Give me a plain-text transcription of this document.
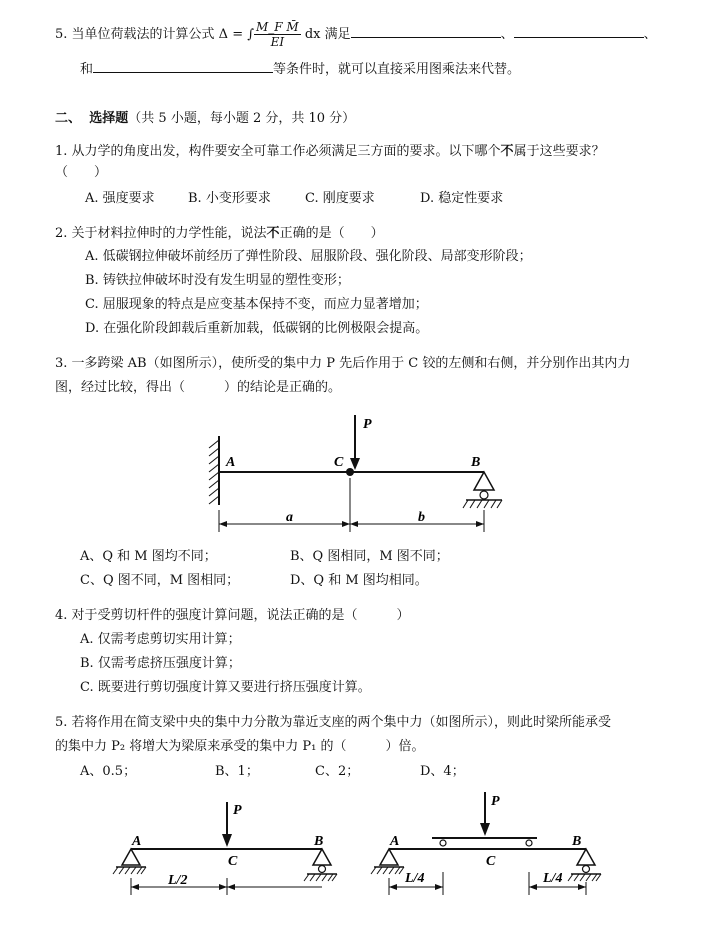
5. 当单位荷载法的计算公式 Δ = ∫ $\frac{\text{M\_F M̄}}{EI}$ dx 满足	、	、
和	等条件时，就可以直接采用图乘法来代替。
二、 选择题（共 5 小题，每小题 2 分，共 10 分）
1. 从力学的角度出发，构件要安全可靠工作必须满足三方面的要求。以下哪个不属于这些要求？
（　　）
A. 强度要求	B. 小变形要求	C. 刚度要求	D. 稳定性要求
2. 关于材料拉伸时的力学性能，说法不正确的是（　　）
A. 低碳钢拉伸破坏前经历了弹性阶段、屈服阶段、强化阶段、局部变形阶段；
B. 铸铁拉伸破坏时没有发生明显的塑性变形；
C. 屈服现象的特点是应变基本保持不变，而应力显著增加；
D. 在强化阶段卸载后重新加载，低碳钢的比例极限会提高。
3. 一多跨梁 AB（如图所示），使所受的集中力 P 先后作用于 C 铰的左侧和右侧，并分别作出其内力
图，经过比较，得出（　　　）的结论是正确的。
P
A	C	B
a	b
A、Q 和 M 图均不同；	B、Q 图相同，M 图不同；
C、Q 图不同，M 图相同；	D、Q 和 M 图均相同。
4. 对于受剪切杆件的强度计算问题，说法正确的是（　　　）
A. 仅需考虑剪切实用计算；
B. 仅需考虑挤压强度计算；
C. 既要进行剪切强度计算又要进行挤压强度计算。
5. 若将作用在简支梁中央的集中力分散为靠近支座的两个集中力（如图所示），则此时梁所能承受
的集中力 P₂ 将增大为梁原来承受的集中力 P₁ 的（　　　）倍。
A、0.5；	B、1；	C、2；	D、4；
P
A
C
B
L/2
P
A
C
B
L/4	L/4
